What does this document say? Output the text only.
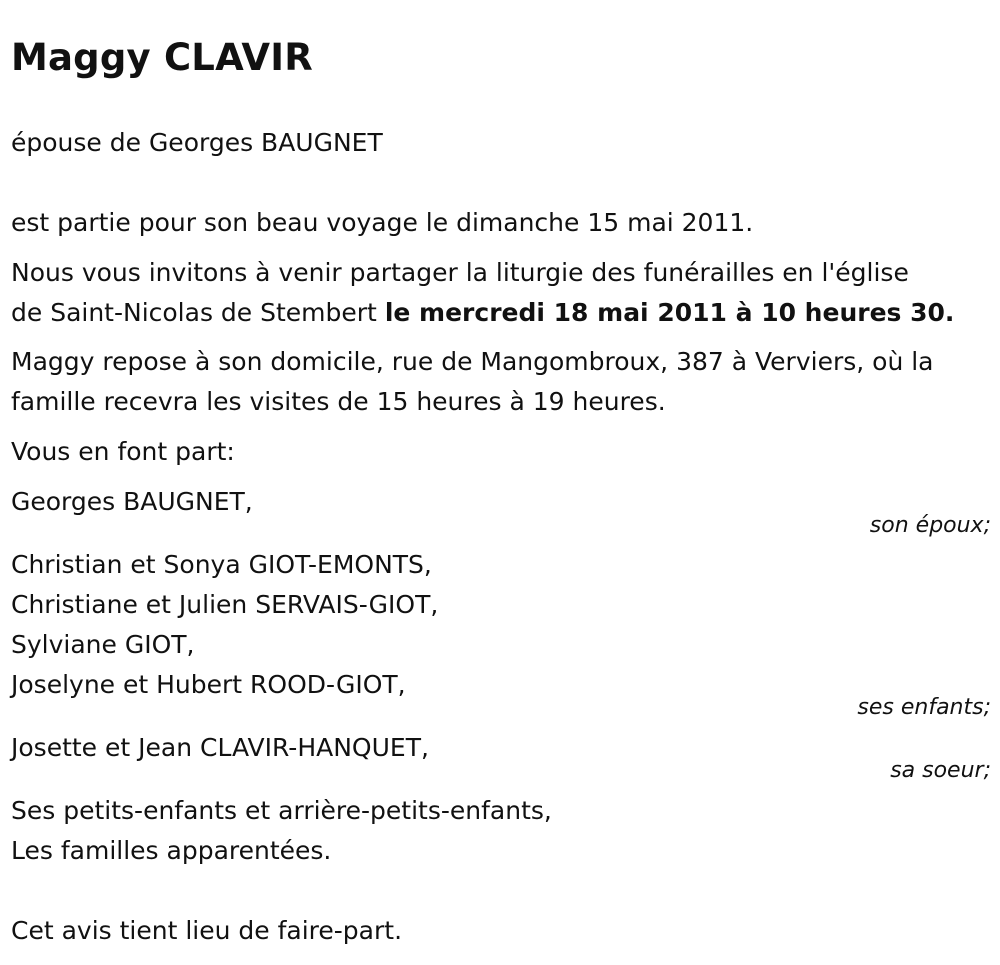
Maggy CLAVIR
épouse de Georges BAUGNET
est partie pour son beau voyage le dimanche 15 mai 2011.
Nous vous invitons à venir partager la liturgie des funérailles en l'église
de Saint-Nicolas de Stembert le mercredi 18 mai 2011 à 10 heures 30.
Maggy repose à son domicile, rue de Mangombroux, 387 à Verviers, où la
famille recevra les visites de 15 heures à 19 heures.
Vous en font part:
Georges BAUGNET,
son époux;
Christian et Sonya GIOT-EMONTS,
Christiane et Julien SERVAIS-GIOT,
Sylviane GIOT,
Joselyne et Hubert ROOD-GIOT,
ses enfants;
Josette et Jean CLAVIR-HANQUET,
sa soeur;
Ses petits-enfants et arrière-petits-enfants,
Les familles apparentées.
Cet avis tient lieu de faire-part.
